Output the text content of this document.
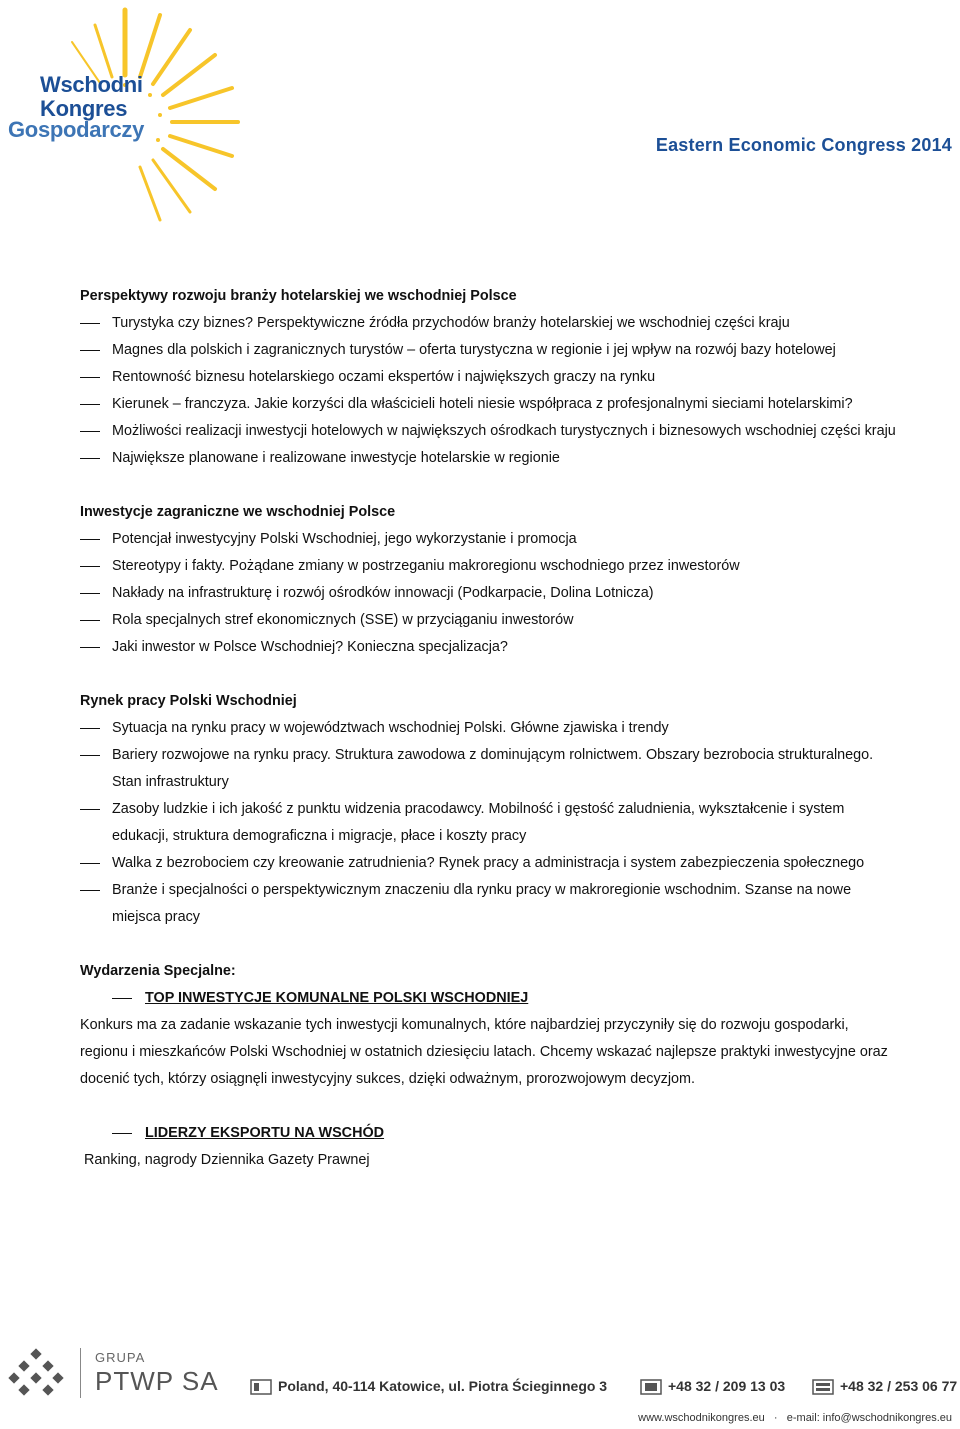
Wschodni
Kongres
Gospodarczy
Eastern Economic Congress 2014

Perspektywy rozwoju branży hotelarskiej we wschodniej Polsce

Turystyka czy biznes? Perspektywiczne źródła przychodów branży hotelarskiej we wschodniej części kraju
Magnes dla polskich i zagranicznych turystów – oferta turystyczna w regionie i jej wpływ na rozwój bazy hotelowej
Rentowność biznesu hotelarskiego oczami ekspertów i największych graczy na rynku
Kierunek – franczyza. Jakie korzyści dla właścicieli hoteli niesie współpraca z profesjonalnymi sieciami hotelarskimi?
Możliwości realizacji inwestycji hotelowych w największych ośrodkach turystycznych i biznesowych wschodniej części kraju
Największe planowane i realizowane inwestycje hotelarskie w regionie

Inwestycje zagraniczne we wschodniej Polsce

Potencjał inwestycyjny Polski Wschodniej, jego wykorzystanie i promocja
Stereotypy i fakty. Pożądane zmiany w postrzeganiu makroregionu wschodniego przez inwestorów
Nakłady na infrastrukturę i rozwój ośrodków innowacji (Podkarpacie, Dolina Lotnicza)
Rola specjalnych stref ekonomicznych (SSE) w przyciąganiu inwestorów
Jaki inwestor w Polsce Wschodniej? Konieczna specjalizacja?

Rynek pracy Polski Wschodniej

Sytuacja na rynku pracy w województwach wschodniej Polski. Główne zjawiska i trendy
Bariery rozwojowe na rynku pracy. Struktura zawodowa z dominującym rolnictwem. Obszary bezrobocia strukturalnego. Stan infrastruktury
Zasoby ludzkie i ich jakość z punktu widzenia pracodawcy. Mobilność i gęstość zaludnienia, wykształcenie i system edukacji, struktura demograficzna i migracje, płace i koszty pracy
Walka z bezrobociem czy kreowanie zatrudnienia? Rynek pracy a administracja i system zabezpieczenia społecznego
Branże i specjalności o perspektywicznym znaczeniu dla rynku pracy w makroregionie wschodnim. Szanse na nowe miejsca pracy

Wydarzenia Specjalne:

TOP INWESTYCJE KOMUNALNE POLSKI WSCHODNIEJ

Konkurs ma za zadanie wskazanie tych inwestycji komunalnych, które najbardziej przyczyniły się do rozwoju gospodarki, regionu i mieszkańców Polski Wschodniej w ostatnich dziesięciu latach. Chcemy wskazać najlepsze praktyki inwestycyjne oraz docenić tych, którzy osiągnęli inwestycyjny sukces, dzięki odważnym, prorozwojowym decyzjom.

LIDERZY EKSPORTU NA WSCHÓD

Ranking, nagrody Dziennika Gazety Prawnej

GRUPA
PTWP SA	Poland, 40-114 Katowice, ul. Piotra Ścieginnego 3	+48 32 / 209 13 03	+48 32 / 253 06 77
www.wschodnikongres.eu   ·   e-mail: info@wschodnikongres.eu
